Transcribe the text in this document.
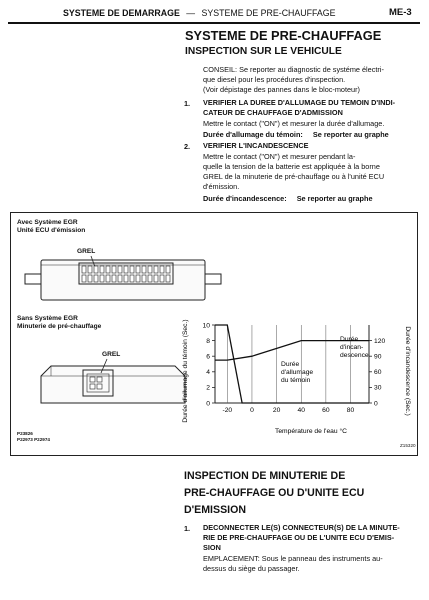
SYSTEME DE DEMARRAGE — SYSTEME DE PRE-CHAUFFAGE	ME-3
SYSTEME DE PRE-CHAUFFAGE
INSPECTION SUR LE VEHICULE
CONSEIL: Se reporter au diagnostic de systéme électri-
que diesel pour les procédures d'inspection.
(Voir dépistage des pannes dans le bloc-moteur)
1. VERIFIER LA DUREE D'ALLUMAGE DU TEMOIN D'INDI-
CATEUR DE CHAUFFAGE D'ADMISSION
Mettre le contact ("ON") et mesurer la durée d'allumage.
Durée d'allumage du témoin: Se reporter au graphe
2. VERIFIER L'INCANDESCENCE
Mettre le contact ("ON") et mesurer pendant la-
quelle la tension de la batterie est appliquée à la borne
GREL de la minuterie de pré-chauffage ou à l'unité ECU
d'émission.
Durée d'incandescence: Se reporter au graphe
Avec Système EGR
Unité ECU d'émission
GREL
Sans Système EGR
Minuterie de pré-chauffage
GREL
P23826
P22973 P22974
Z15320
Durée d'allumage du témoin (Sec.)	Durée d'incandescence (Sec.)
Température de l'eau °C
-20	0	20	40	60	80
0
2
4
6
8
10
0
30
60
90
120
Durée
d'incan-
descence
Durée
d'allumage
du témoin
INSPECTION DE MINUTERIE DE
PRE-CHAUFFAGE OU D'UNITE ECU
D'EMISSION
1. DECONNECTER LE(S) CONNECTEUR(S) DE LA MINUTE-
RIE DE PRE-CHAUFFAGE OU DE L'UNITE ECU D'EMIS-
SION
EMPLACEMENT: Sous le panneau des instruments au-
dessus du siège du passager.
